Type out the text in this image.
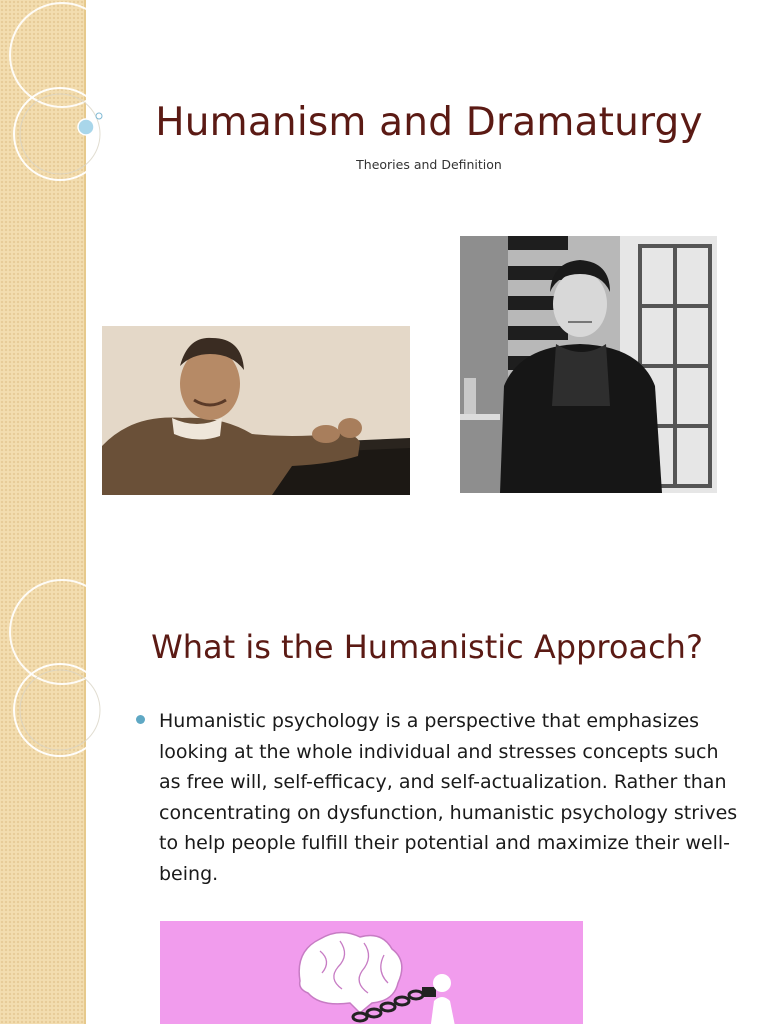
Humanism and Dramaturgy
Theories and Definition
What is the Humanistic Approach?
Humanistic psychology is a perspective that emphasizes looking at the whole individual and stresses concepts such as free will, self-efficacy, and self-actualization. Rather than concentrating on dysfunction, humanistic psychology strives to help people fulfill their potential and maximize their well-being.
